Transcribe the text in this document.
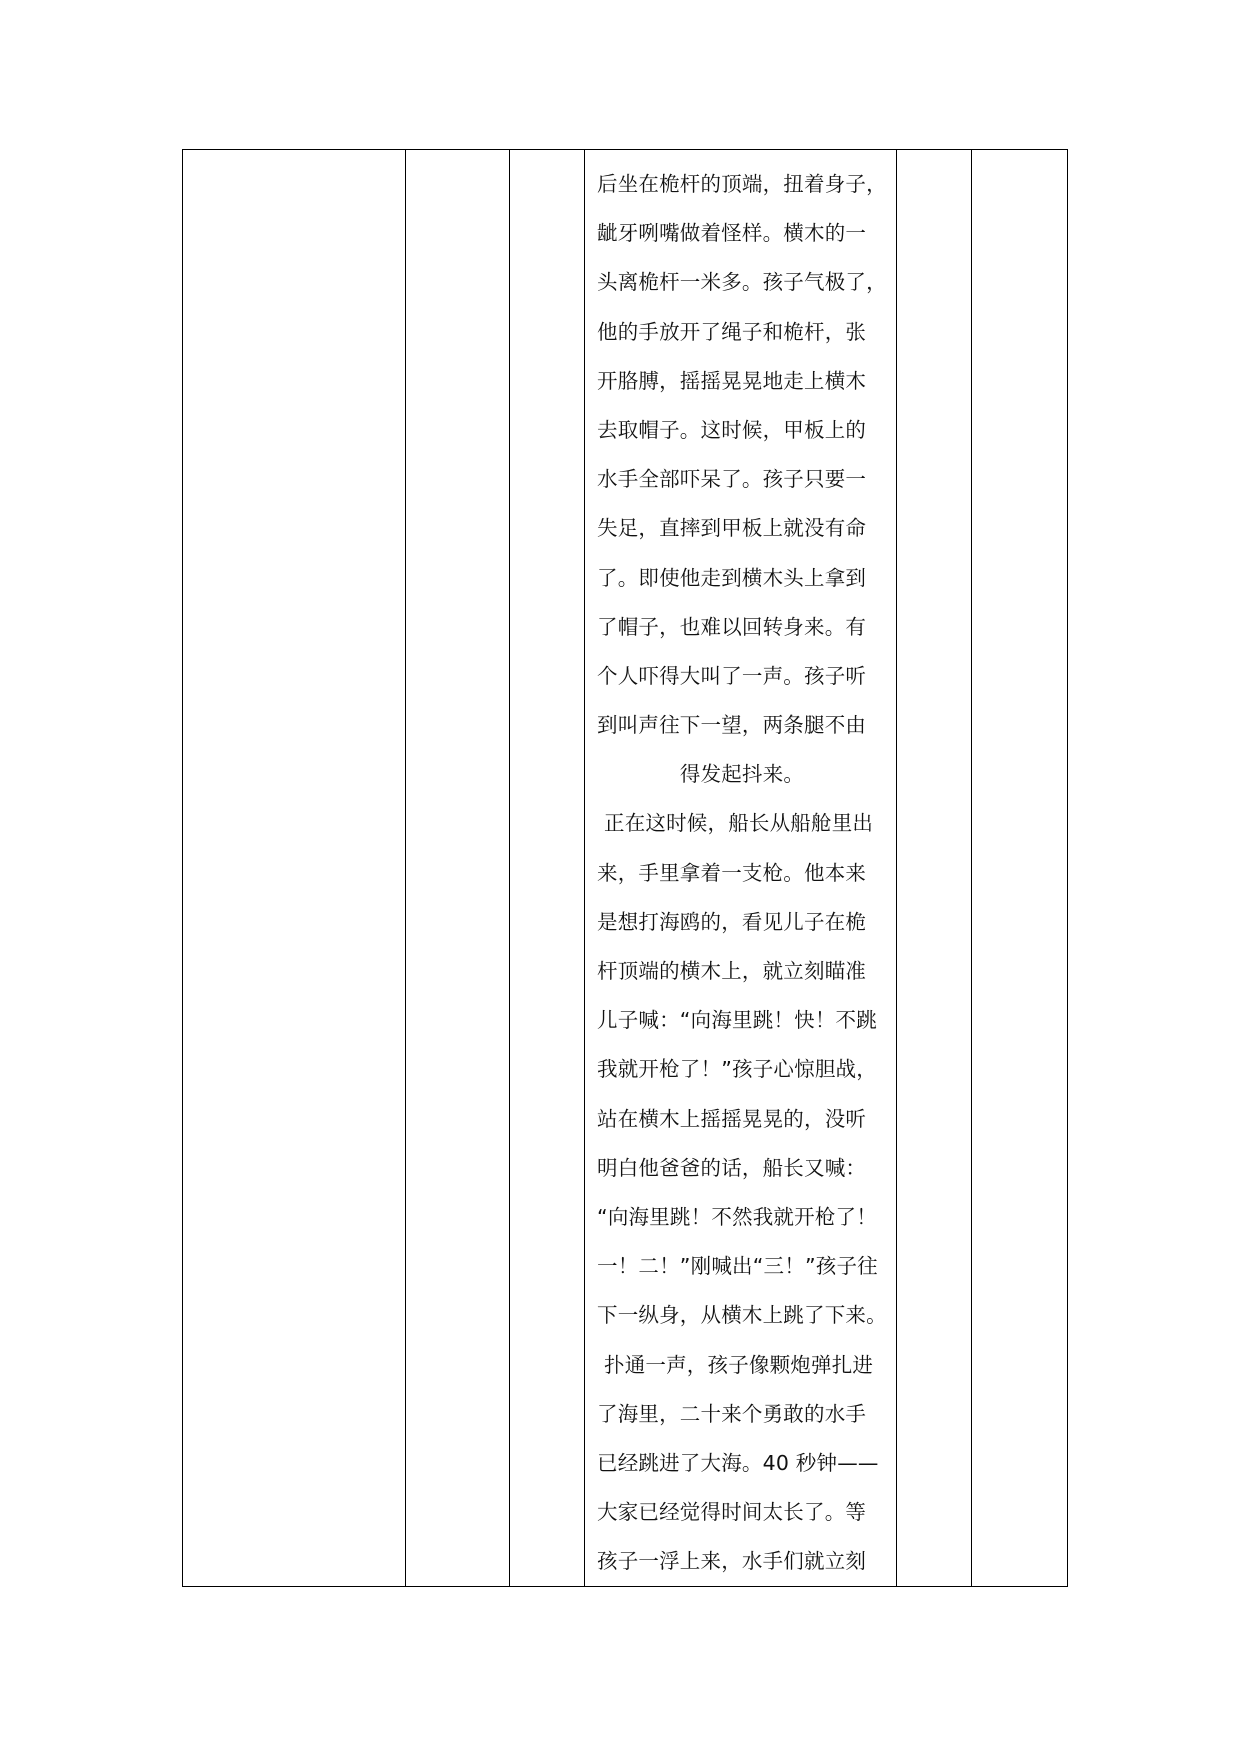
后坐在桅杆的顶端，扭着身子，
龇牙咧嘴做着怪样。横木的一
头离桅杆一米多。孩子气极了，
他的手放开了绳子和桅杆，张
开胳膊，摇摇晃晃地走上横木
去取帽子。这时候，甲板上的
水手全部吓呆了。孩子只要一
失足，直摔到甲板上就没有命
了。即使他走到横木头上拿到
了帽子，也难以回转身来。有
个人吓得大叫了一声。孩子听
到叫声往下一望，两条腿不由
得发起抖来。
正在这时候，船长从船舱里出
来，手里拿着一支枪。他本来
是想打海鸥的，看见儿子在桅
杆顶端的横木上，就立刻瞄准
儿子喊：“向海里跳！快！不跳
我就开枪了！”孩子心惊胆战，
站在横木上摇摇晃晃的，没听
明白他爸爸的话，船长又喊：
“向海里跳！不然我就开枪了！
一！二！”刚喊出“三！”孩子往
下一纵身，从横木上跳了下来。
扑通一声，孩子像颗炮弹扎进
了海里，二十来个勇敢的水手
已经跳进了大海。40 秒钟——
大家已经觉得时间太长了。等
孩子一浮上来，水手们就立刻
